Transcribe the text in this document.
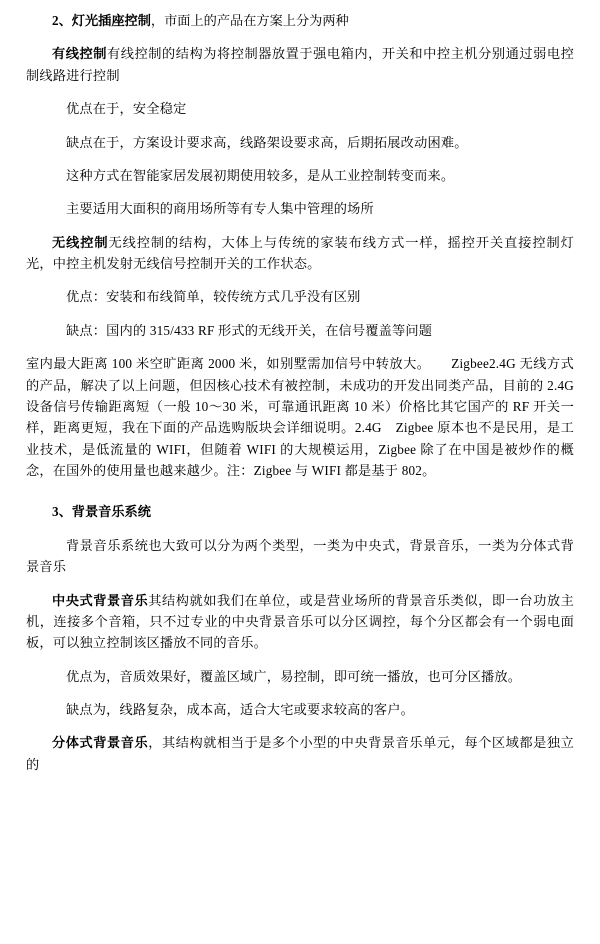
2、灯光插座控制，市面上的产品在方案上分为两种

有线控制有线控制的结构为将控制器放置于强电箱内，开关和中控主机分别通过弱电控制线路进行控制

优点在于，安全稳定

缺点在于，方案设计要求高，线路架设要求高，后期拓展改动困难。

这种方式在智能家居发展初期使用较多，是从工业控制转变而来。

主要适用大面积的商用场所等有专人集中管理的场所

无线控制无线控制的结构，大体上与传统的家装布线方式一样，摇控开关直接控制灯光，中控主机发射无线信号控制开关的工作状态。

优点：安装和布线简单，较传统方式几乎没有区别

缺点：国内的 315/433 RF 形式的无线开关，在信号覆盖等问题

室内最大距离 100 米空旷距离 2000 米，如别墅需加信号中转放大。　　Zigbee2.4G 无线方式的产品，解决了以上问题，但因核心技术有被控制，未成功的开发出同类产品，目前的 2.4G 设备信号传输距离短（一般 10～30 米，可靠通讯距离 10 米）价格比其它国产的 RF 开关一样，距离更短，我在下面的产品选购版块会详细说明。2.4G　Zigbee 原本也不是民用，是工业技术，是低流量的 WIFI，但随着 WIFI 的大规模运用，Zigbee 除了在中国是被炒作的概念，在国外的使用量也越来越少。注：Zigbee 与 WIFI 都是基于 802。

3、背景音乐系统

背景音乐系统也大致可以分为两个类型，一类为中央式，背景音乐，一类为分体式背景音乐

中央式背景音乐其结构就如我们在单位，或是营业场所的背景音乐类似，即一台功放主机，连接多个音箱，只不过专业的中央背景音乐可以分区调控，每个分区都会有一个弱电面板，可以独立控制该区播放不同的音乐。

优点为，音质效果好，覆盖区域广，易控制，即可统一播放，也可分区播放。

缺点为，线路复杂，成本高，适合大宅或要求较高的客户。

分体式背景音乐，其结构就相当于是多个小型的中央背景音乐单元，每个区域都是独立的
